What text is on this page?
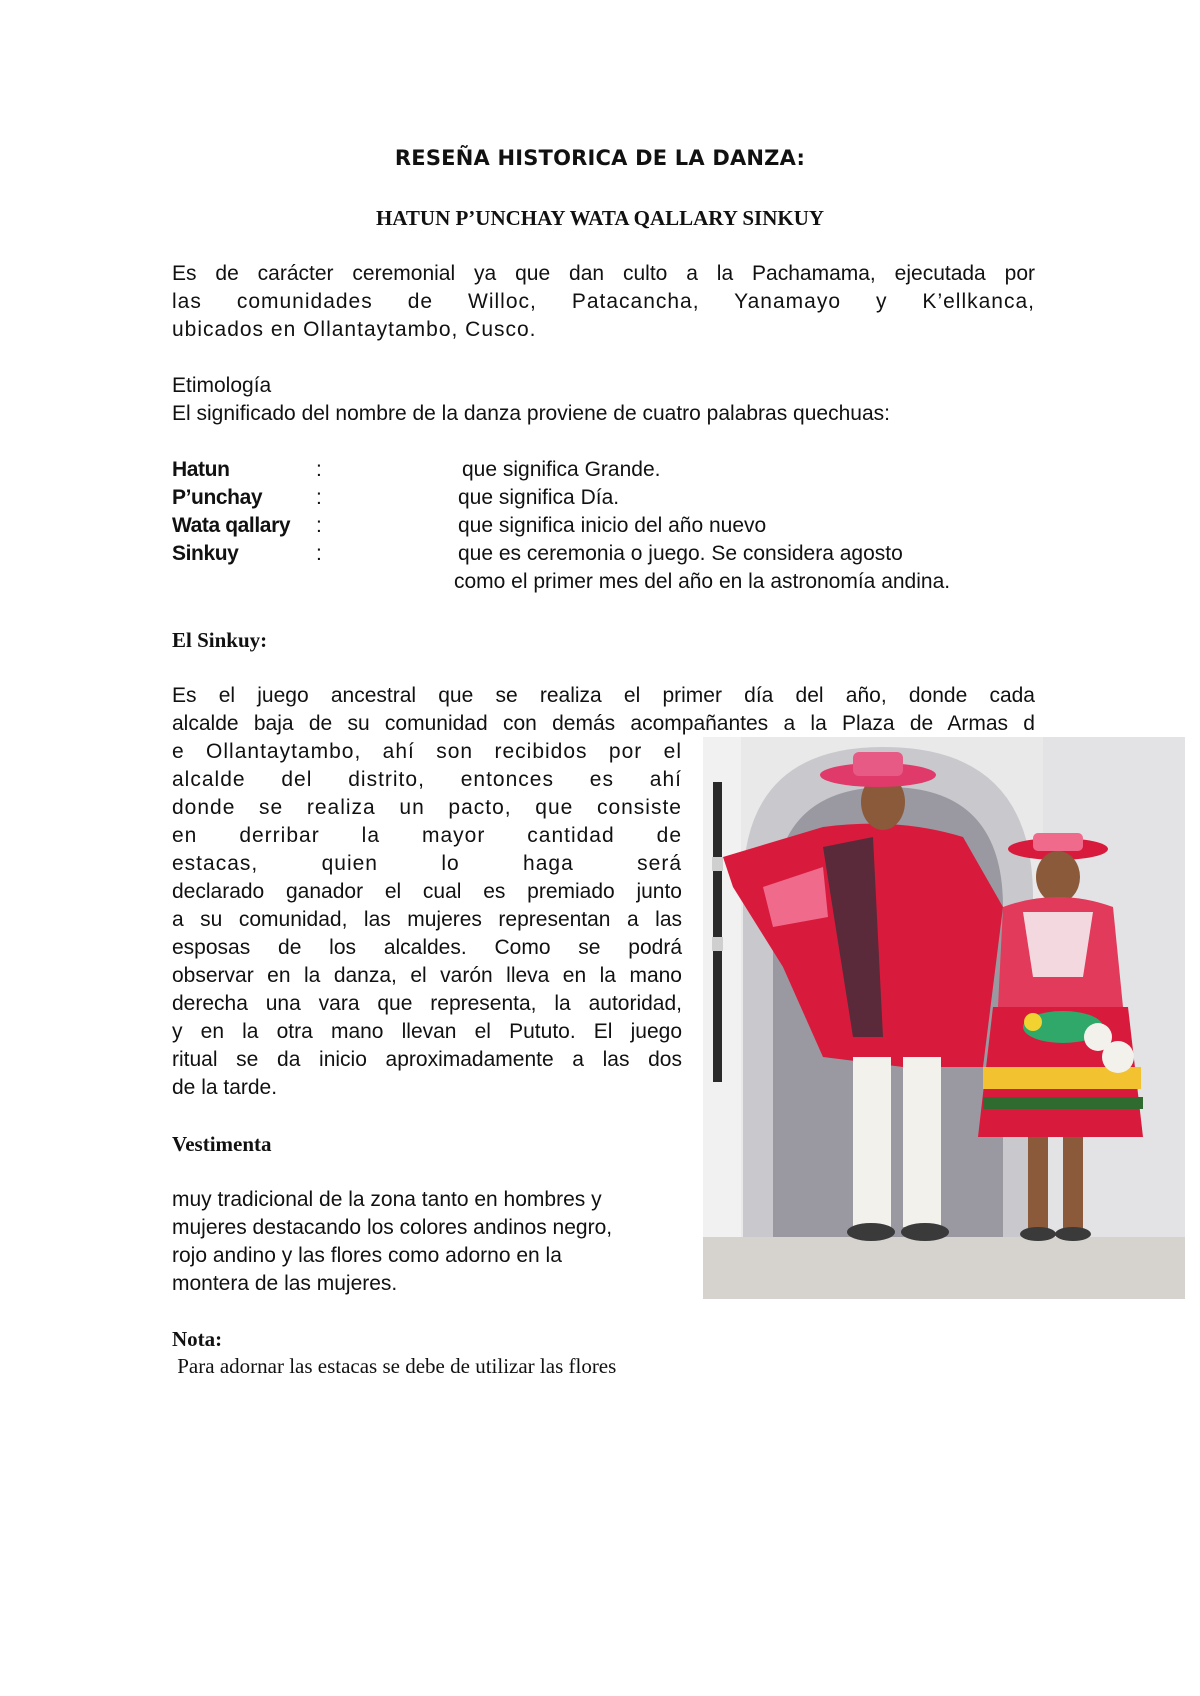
RESEÑA HISTORICA DE LA DANZA:
HATUN P’UNCHAY WATA QALLARY SINKUY
Es de carácter ceremonial ya que dan culto a la Pachamama, ejecutada por
las comunidades de Willoc, Patacancha, Yanamayo y K’ellkanca,
ubicados en Ollantaytambo, Cusco.
Etimología
El significado del nombre de la danza proviene de cuatro palabras quechuas:
Hatun	:	que significa Grande.
P’unchay	:	que significa Día.
Wata qallary :	que significa inicio del año nuevo
Sinkuy	:	que es ceremonia o juego. Se considera agosto
como el primer mes del año en la astronomía andina.
El Sinkuy:
Es el juego ancestral que se realiza el primer día del año, donde cada
alcalde baja de su comunidad con demás acompañantes a la Plaza de Armas d
e Ollantaytambo, ahí son recibidos por el
alcalde del distrito, entonces es ahí
donde se realiza un pacto, que consiste
en derribar la mayor cantidad de
estacas, quien lo haga será
declarado ganador el cual es premiado junto
a su comunidad, las mujeres representan a las
esposas de los alcaldes. Como se podrá
observar en la danza, el varón lleva en la mano
derecha una vara que representa, la autoridad,
y en la otra mano llevan el Pututo. El juego
ritual se da inicio aproximadamente a las dos
de la tarde.
Vestimenta
muy tradicional de la zona tanto en hombres y
mujeres destacando los colores andinos negro,
rojo andino y las flores como adorno en la
montera de las mujeres.
Nota:
Para adornar las estacas se debe de utilizar las flores
